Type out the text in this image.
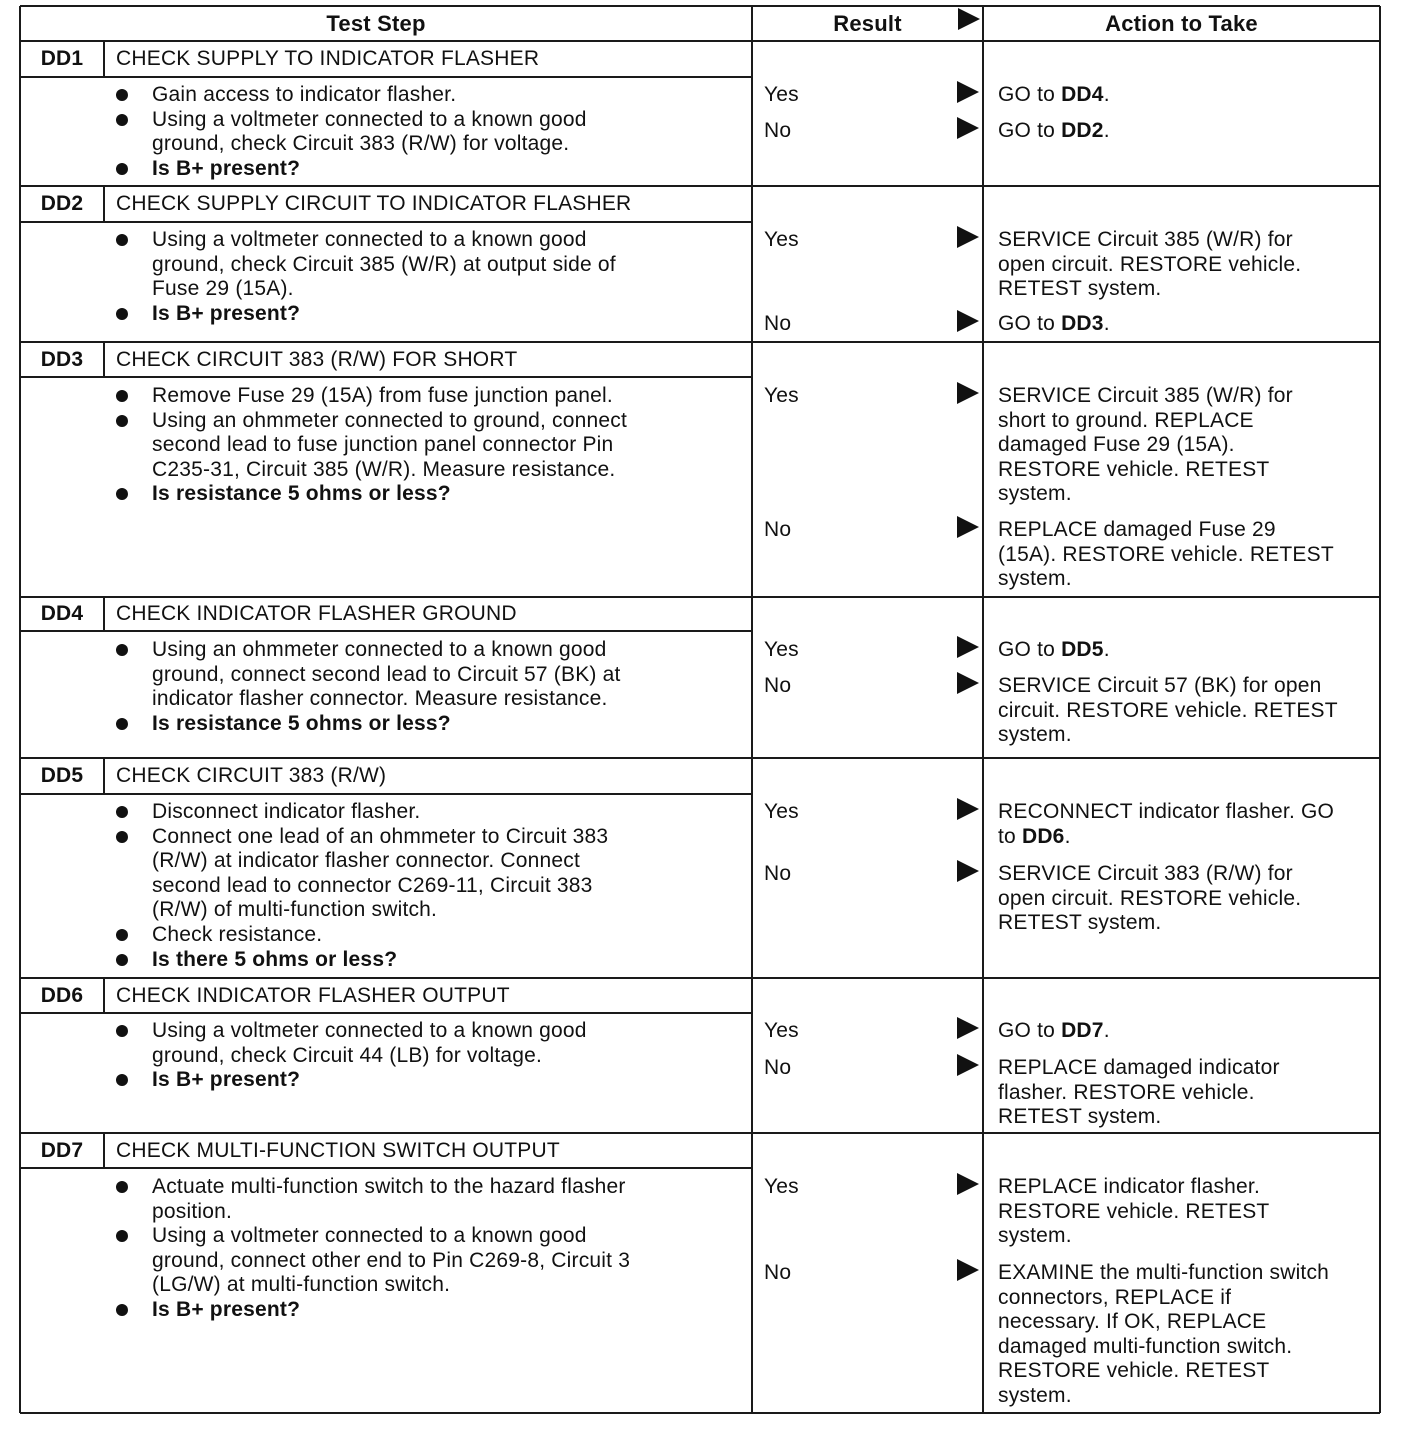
Test Step	Result	Action to Take
DD1	CHECK SUPPLY TO INDICATOR FLASHER
Gain access to indicator flasher.
Using a voltmeter connected to a known good
ground, check Circuit 383 (R/W) for voltage.
Is B+ present?
Yes	GO to DD4.
No	GO to DD2.
DD2	CHECK SUPPLY CIRCUIT TO INDICATOR FLASHER
Using a voltmeter connected to a known good
ground, check Circuit 385 (W/R) at output side of
Fuse 29 (15A).
Is B+ present?
Yes	SERVICE Circuit 385 (W/R) for
open circuit. RESTORE vehicle.
RETEST system.
No	GO to DD3.
DD3	CHECK CIRCUIT 383 (R/W) FOR SHORT
Remove Fuse 29 (15A) from fuse junction panel.
Using an ohmmeter connected to ground, connect
second lead to fuse junction panel connector Pin
C235-31, Circuit 385 (W/R). Measure resistance.
Is resistance 5 ohms or less?
Yes	SERVICE Circuit 385 (W/R) for
short to ground. REPLACE
damaged Fuse 29 (15A).
RESTORE vehicle. RETEST
system.
No	REPLACE damaged Fuse 29
(15A). RESTORE vehicle. RETEST
system.
DD4	CHECK INDICATOR FLASHER GROUND
Using an ohmmeter connected to a known good
ground, connect second lead to Circuit 57 (BK) at
indicator flasher connector. Measure resistance.
Is resistance 5 ohms or less?
Yes	GO to DD5.
No	SERVICE Circuit 57 (BK) for open
circuit. RESTORE vehicle. RETEST
system.
DD5	CHECK CIRCUIT 383 (R/W)
Disconnect indicator flasher.
Connect one lead of an ohmmeter to Circuit 383
(R/W) at indicator flasher connector. Connect
second lead to connector C269-11, Circuit 383
(R/W) of multi-function switch.
Check resistance.
Is there 5 ohms or less?
Yes	RECONNECT indicator flasher. GO
to DD6.
No	SERVICE Circuit 383 (R/W) for
open circuit. RESTORE vehicle.
RETEST system.
DD6	CHECK INDICATOR FLASHER OUTPUT
Using a voltmeter connected to a known good
ground, check Circuit 44 (LB) for voltage.
Is B+ present?
Yes	GO to DD7.
No	REPLACE damaged indicator
flasher. RESTORE vehicle.
RETEST system.
DD7	CHECK MULTI-FUNCTION SWITCH OUTPUT
Actuate multi-function switch to the hazard flasher
position.
Using a voltmeter connected to a known good
ground, connect other end to Pin C269-8, Circuit 3
(LG/W) at multi-function switch.
Is B+ present?
Yes	REPLACE indicator flasher.
RESTORE vehicle. RETEST
system.
No	EXAMINE the multi-function switch
connectors, REPLACE if
necessary. If OK, REPLACE
damaged multi-function switch.
RESTORE vehicle. RETEST
system.
